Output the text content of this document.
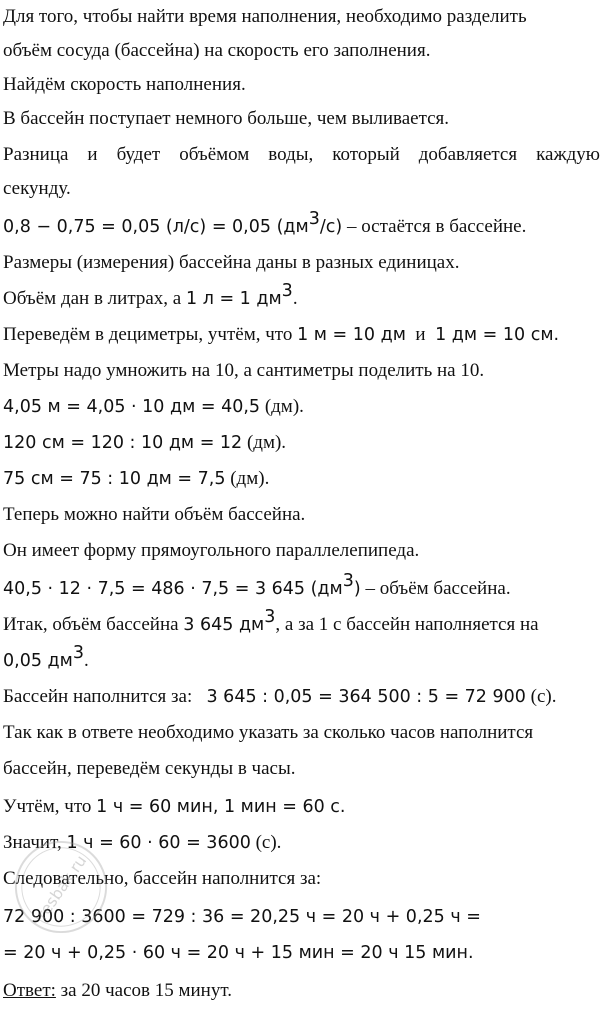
Для того, чтобы найти время наполнения, необходимо разделить
объём сосуда (бассейна) на скорость его заполнения.
Найдём скорость наполнения.
В бассейн поступает немного больше, чем выливается.
Разница и будет объёмом воды, который добавляется каждую
секунду.
0,8 − 0,75 = 0,05 (л/с) = 0,05 $(дм^3/с)$ – остаётся в бассейне.
Размеры (измерения) бассейна даны в разных единицах.
Объём дан в литрах, а 1 л = 1 $дм^3$.
Переведём в дециметры, учтём, что 1 м = 10 дм  и  1 дм = 10 см.
Метры надо умножить на 10, а сантиметры поделить на 10.
4,05 м = 4,05 · 10 дм = 40,5 (дм).
120 см = 120 : 10 дм = 12 (дм).
75 см = 75 : 10 дм = 7,5 (дм).
Теперь можно найти объём бассейна.
Он имеет форму прямоугольного параллелепипеда.
40,5 · 12 · 7,5 = 486 · 7,5 = 3 645 $(дм^3)$ – объём бассейна.
Итак, объём бассейна 3 645 $дм^3$, а за 1 с бассейн наполняется на
0,05 $дм^3$.
Бассейн наполнится за:   3 645 : 0,05 = 364 500 : 5 = 72 900 (с).
Так как в ответе необходимо указать за сколько часов наполнится
бассейн, переведём секунды в часы.
Учтём, что 1 ч = 60 мин, 1 мин = 60 с.
Значит, 1 ч = 60 · 60 = 3600 (с).
Следовательно, бассейн наполнится за:
72 900 : 3600 = 729 : 36 = 20,25 ч = 20 ч + 0,25 ч =
= 20 ч + 0,25 · 60 ч = 20 ч + 15 мин = 20 ч 15 мин.
Ответ: за 20 часов 15 минут.
resbak.ru
